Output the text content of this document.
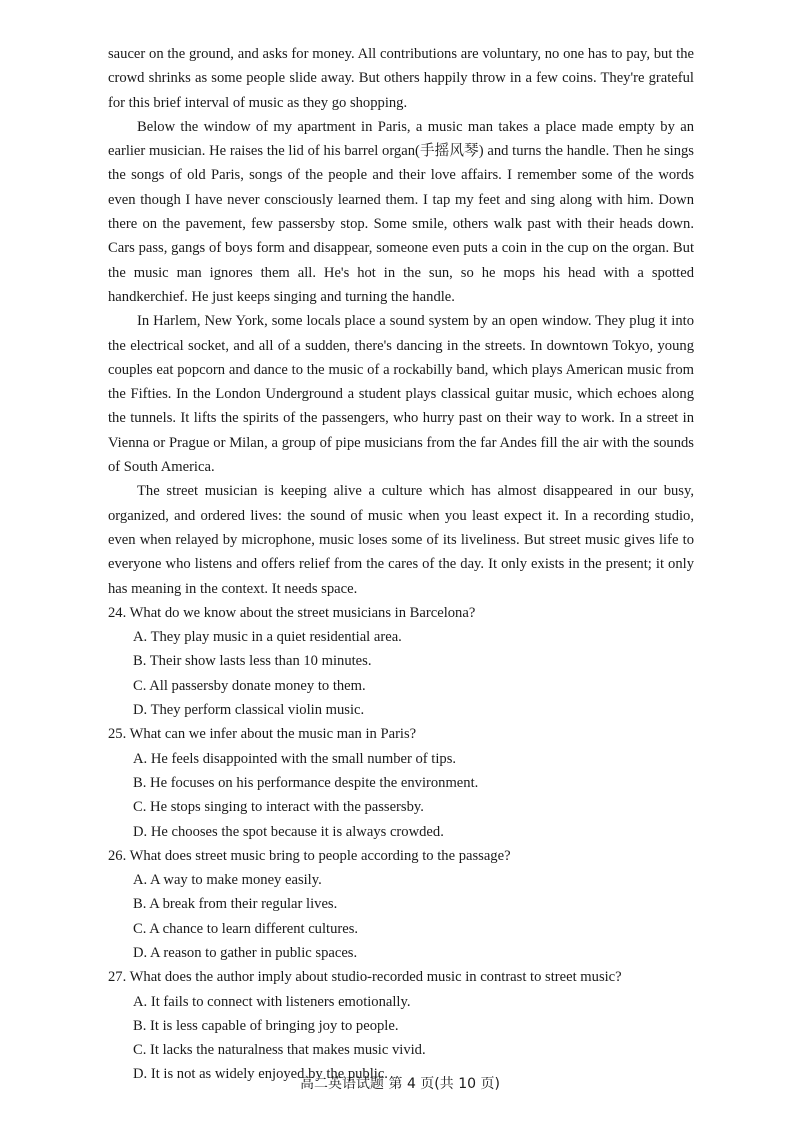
saucer on the ground, and asks for money. All contributions are voluntary, no one has to pay, but the crowd shrinks as some people slide away. But others happily throw in a few coins. They're grateful for this brief interval of music as they go shopping.

Below the window of my apartment in Paris, a music man takes a place made empty by an earlier musician. He raises the lid of his barrel organ(手摇风琴) and turns the handle. Then he sings the songs of old Paris, songs of the people and their love affairs. I remember some of the words even though I have never consciously learned them. I tap my feet and sing along with him. Down there on the pavement, few passersby stop. Some smile, others walk past with their heads down. Cars pass, gangs of boys form and disappear, someone even puts a coin in the cup on the organ. But the music man ignores them all. He's hot in the sun, so he mops his head with a spotted handkerchief. He just keeps singing and turning the handle.

In Harlem, New York, some locals place a sound system by an open window. They plug it into the electrical socket, and all of a sudden, there's dancing in the streets. In downtown Tokyo, young couples eat popcorn and dance to the music of a rockabilly band, which plays American music from the Fifties. In the London Underground a student plays classical guitar music, which echoes along the tunnels. It lifts the spirits of the passengers, who hurry past on their way to work. In a street in Vienna or Prague or Milan, a group of pipe musicians from the far Andes fill the air with the sounds of South America.

The street musician is keeping alive a culture which has almost disappeared in our busy, organized, and ordered lives: the sound of music when you least expect it. In a recording studio, even when relayed by microphone, music loses some of its liveliness. But street music gives life to everyone who listens and offers relief from the cares of the day. It only exists in the present; it only has meaning in the context. It needs space.

24. What do we know about the street musicians in Barcelona?

A. They play music in a quiet residential area.
B. Their show lasts less than 10 minutes.
C. All passersby donate money to them.
D. They perform classical violin music.

25. What can we infer about the music man in Paris?

A. He feels disappointed with the small number of tips.
B. He focuses on his performance despite the environment.
C. He stops singing to interact with the passersby.
D. He chooses the spot because it is always crowded.

26. What does street music bring to people according to the passage?

A. A way to make money easily.
B. A break from their regular lives.
C. A chance to learn different cultures.
D. A reason to gather in public spaces.

27. What does the author imply about studio-recorded music in contrast to street music?

A. It fails to connect with listeners emotionally.
B. It is less capable of bringing joy to people.
C. It lacks the naturalness that makes music vivid.
D. It is not as widely enjoyed by the public.
高二英语试题 第 4 页(共 10 页)
